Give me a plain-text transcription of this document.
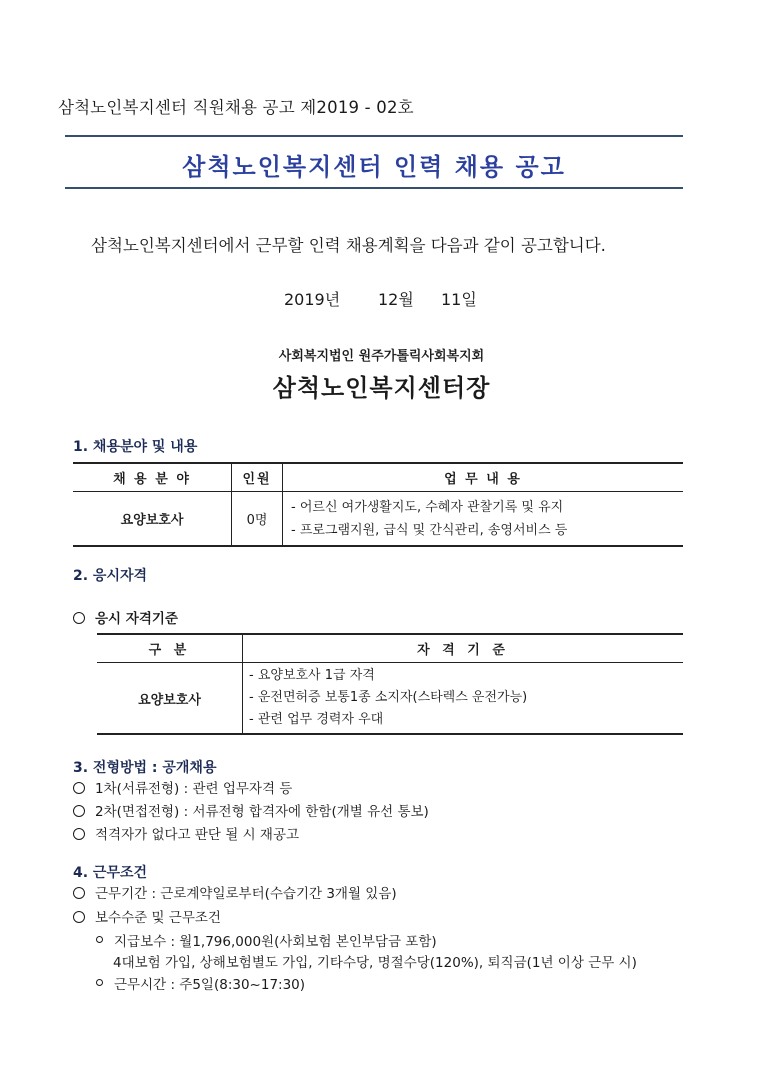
삼척노인복지센터 직원채용 공고 제2019 - 02호
삼척노인복지센터 인력 채용 공고
삼척노인복지센터에서 근무할 인력 채용계획을 다음과 같이 공고합니다.
2019년 12월 11일
사회복지법인 원주가톨릭사회복지회
삼척노인복지센터장
1. 채용분야 및 내용
채 용 분 야	인원	업 무 내 용
요양보호사	0명	- 어르신 여가생활지도, 수혜자 관찰기록 및 유지
- 프로그램지원, 급식 및 간식관리, 송영서비스 등
2. 응시자격
응시 자격기준
구 분	자 격 기 준
요양보호사	- 요양보호사 1급 자격
- 운전면허증 보통1종 소지자(스타렉스 운전가능)
- 관련 업무 경력자 우대
3. 전형방법 : 공개채용
1차(서류전형) : 관련 업무자격 등
2차(면접전형) : 서류전형 합격자에 한함(개별 유선 통보)
적격자가 없다고 판단 될 시 재공고
4. 근무조건
근무기간 : 근로계약일로부터(수습기간 3개월 있음)
보수수준 및 근무조건
지급보수 : 월1,796,000원(사회보험 본인부담금 포함)
4대보험 가입, 상해보험별도 가입, 기타수당, 명절수당(120%), 퇴직금(1년 이상 근무 시)
근무시간 : 주5일(8:30~17:30)
